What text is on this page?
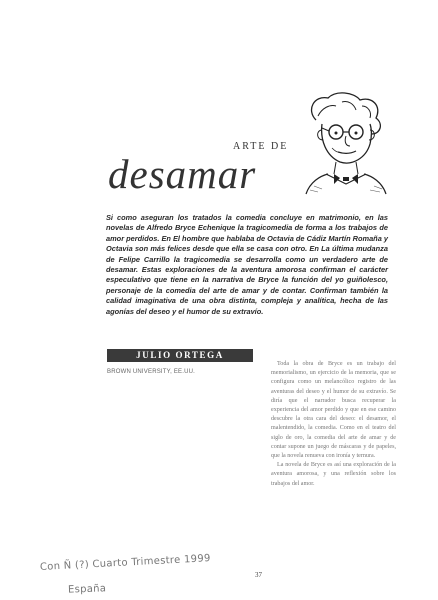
ARTE DE
desamar

Si como aseguran los tratados la comedia concluye en matrimonio, en las novelas de Alfredo Bryce Echenique la tragicomedia de forma a los trabajos de amor perdidos. En El hombre que hablaba de Octavia de Cádiz Martín Romaña y Octavia son más felices desde que ella se casa con otro. En La última mudanza de Felipe Carrillo la tragicomedia se desarrolla como un verdadero arte de desamar. Estas exploraciones de la aventura amorosa confirman el carácter especulativo que tiene en la narrativa de Bryce la función del yo guiñolesco, personaje de la comedia del arte de amar y de contar. Confirman también la calidad imaginativa de una obra distinta, compleja y analítica, hecha de las agonías del deseo y el humor de su extravío.

JULIO ORTEGA
BROWN UNIVERSITY, EE.UU.

Toda la obra de Bryce es un trabajo del memorialismo, un ejercicio de la memoria, que se configura como un melancólico registro de las aventuras del deseo y el humor de su extravío. Se diría que el narrador busca recuperar la experiencia del amor perdido y que en ese camino descubre la otra cara del deseo: el desamor, el malentendido, la comedia. Como en el teatro del siglo de oro, la comedia del arte de amar y de contar supone un juego de máscaras y de papeles, que la novela renueva con ironía y ternura.

La novela de Bryce es así una exploración de la aventura amorosa, y una reflexión sobre los trabajos del amor.

Con Ñ (?) Cuarto Trimestre 1999
España
37
